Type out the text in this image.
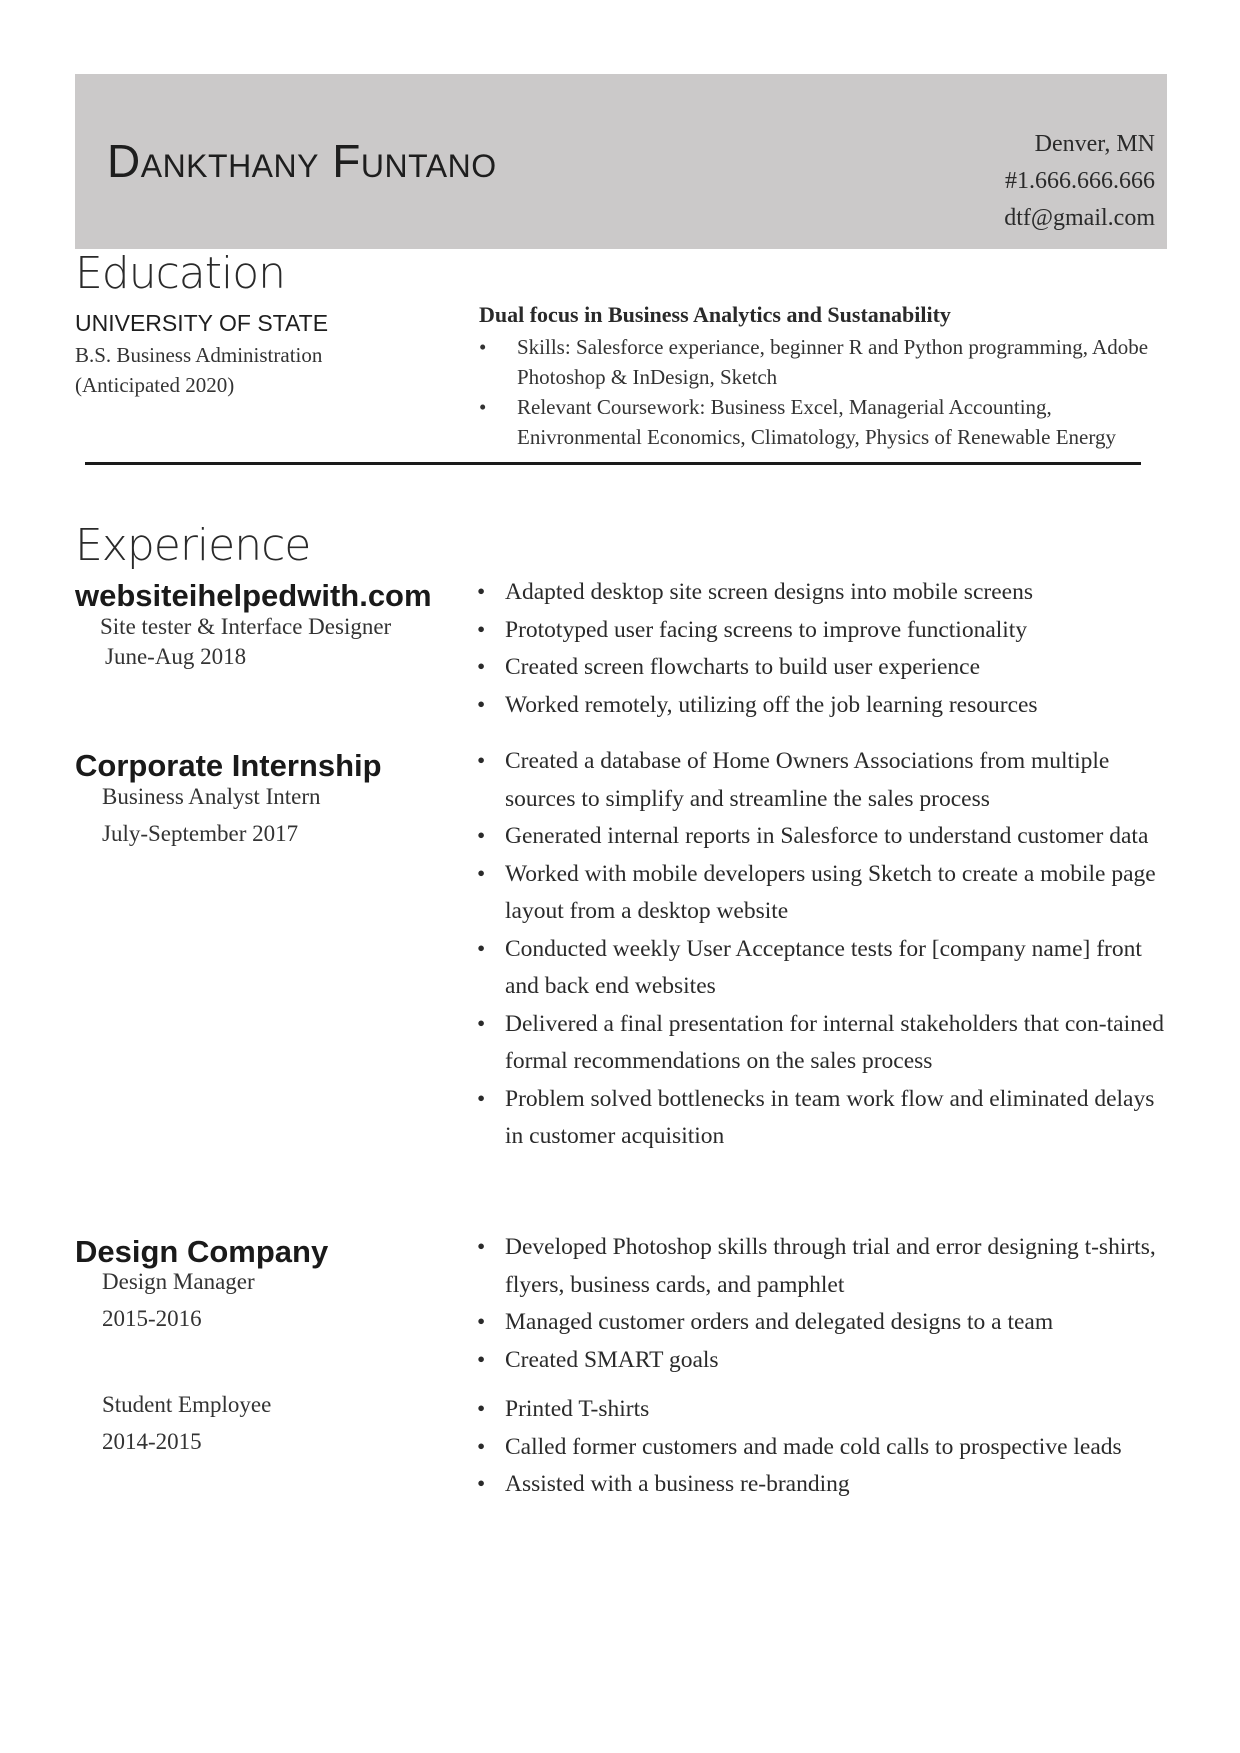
Dankthany Funtano	Denver, MN
#1.666.666.666
dtf@gmail.com
Education
UNIVERSITY OF STATE
B.S. Business Administration
(Anticipated 2020)
Dual focus in Business Analytics and Sustanability
• Skills: Salesforce experiance, beginner R and Python programming, Adobe Photoshop & InDesign, Sketch
• Relevant Coursework: Business Excel, Managerial Accounting, Enivronmental Economics, Climatology, Physics of Renewable Energy
Experience
websiteihelpedwith.com
Site tester & Interface Designer
June-Aug 2018
• Adapted desktop site screen designs into mobile screens
• Prototyped user facing screens to improve functionality
• Created screen flowcharts to build user experience
• Worked remotely, utilizing off the job learning resources
Corporate Internship
Business Analyst Intern
July-September 2017
• Created a database of Home Owners Associations from multiple sources to simplify and streamline the sales process
• Generated internal reports in Salesforce to understand customer data
• Worked with mobile developers using Sketch to create a mobile page layout from a desktop website
• Conducted weekly User Acceptance tests for [company name] front and back end websites
• Delivered a final presentation for internal stakeholders that con-tained formal recommendations on the sales process
• Problem solved bottlenecks in team work flow and eliminated delays in customer acquisition
Design Company
Design Manager
2015-2016
• Developed Photoshop skills through trial and error designing t-shirts, flyers, business cards, and pamphlet
• Managed customer orders and delegated designs to a team
• Created SMART goals
Student Employee
2014-2015
• Printed T-shirts
• Called former customers and made cold calls to prospective leads
• Assisted with a business re-branding
